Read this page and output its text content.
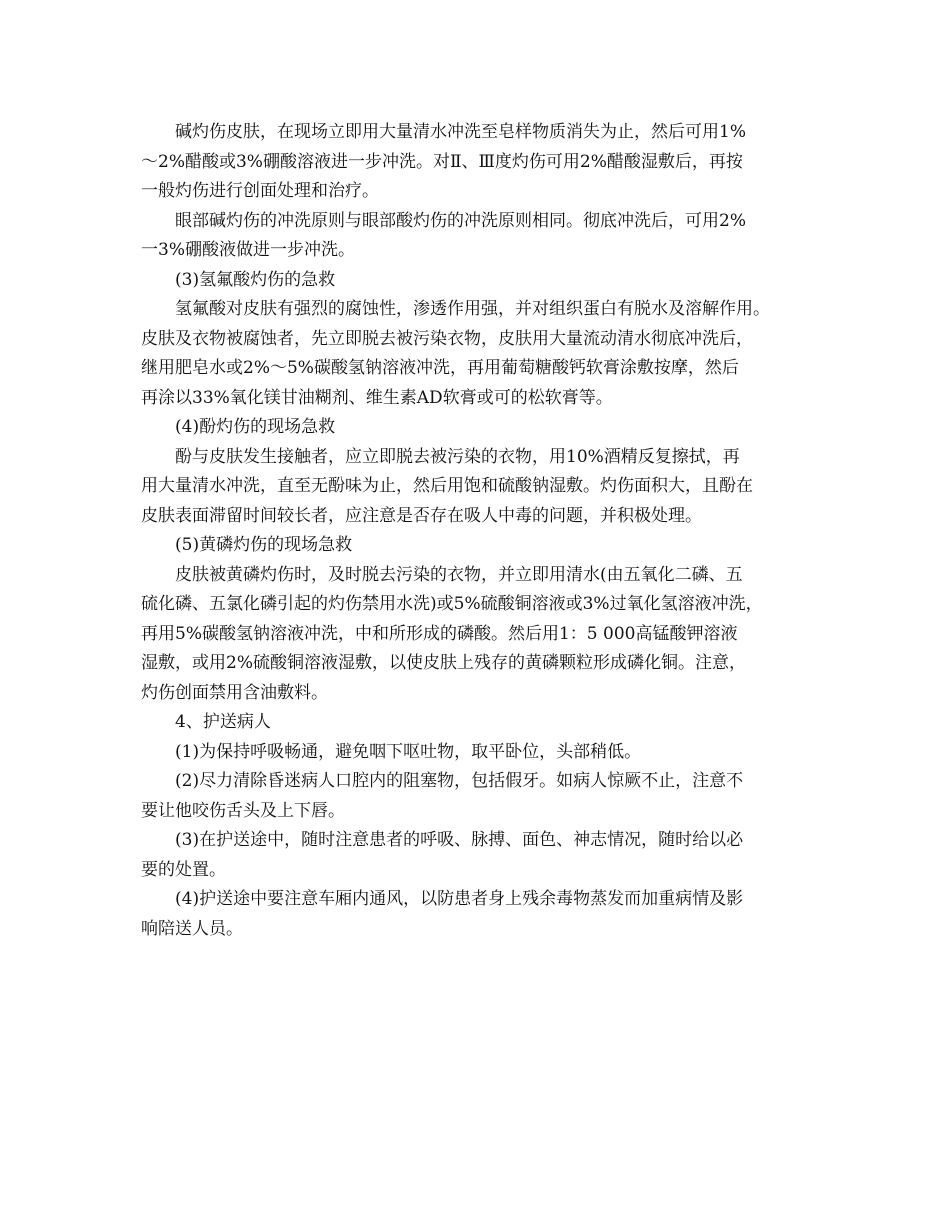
碱灼伤皮肤，在现场立即用大量清水冲洗至皂样物质消失为止，然后可用1%
～2%醋酸或3%硼酸溶液进一步冲洗。对Ⅱ、Ⅲ度灼伤可用2%醋酸湿敷后，再按
一般灼伤进行创面处理和治疗。

眼部碱灼伤的冲洗原则与眼部酸灼伤的冲洗原则相同。彻底冲洗后，可用2%
一3%硼酸液做进一步冲洗。

(3)氢氟酸灼伤的急救

氢氟酸对皮肤有强烈的腐蚀性，渗透作用强，并对组织蛋白有脱水及溶解作用。
皮肤及衣物被腐蚀者，先立即脱去被污染衣物，皮肤用大量流动清水彻底冲洗后，
继用肥皂水或2%～5%碳酸氢钠溶液冲洗，再用葡萄糖酸钙软膏涂敷按摩，然后
再涂以33%氧化镁甘油糊剂、维生素AD软膏或可的松软膏等。

(4)酚灼伤的现场急救

酚与皮肤发生接触者，应立即脱去被污染的衣物，用10%酒精反复擦拭，再
用大量清水冲洗，直至无酚味为止，然后用饱和硫酸钠湿敷。灼伤面积大，且酚在
皮肤表面滞留时间较长者，应注意是否存在吸人中毒的问题，并积极处理。

(5)黄磷灼伤的现场急救

皮肤被黄磷灼伤时，及时脱去污染的衣物，并立即用清水(由五氧化二磷、五
硫化磷、五氯化磷引起的灼伤禁用水洗)或5%硫酸铜溶液或3%过氧化氢溶液冲洗，
再用5%碳酸氢钠溶液冲洗，中和所形成的磷酸。然后用1：5 000高锰酸钾溶液
湿敷，或用2%硫酸铜溶液湿敷，以使皮肤上残存的黄磷颗粒形成磷化铜。注意，
灼伤创面禁用含油敷料。

4、护送病人

(1)为保持呼吸畅通，避免咽下呕吐物，取平卧位，头部稍低。

(2)尽力清除昏迷病人口腔内的阻塞物，包括假牙。如病人惊厥不止，注意不
要让他咬伤舌头及上下唇。

(3)在护送途中，随时注意患者的呼吸、脉搏、面色、神志情况，随时给以必
要的处置。

(4)护送途中要注意车厢内通风，以防患者身上残余毒物蒸发而加重病情及影
响陪送人员。
